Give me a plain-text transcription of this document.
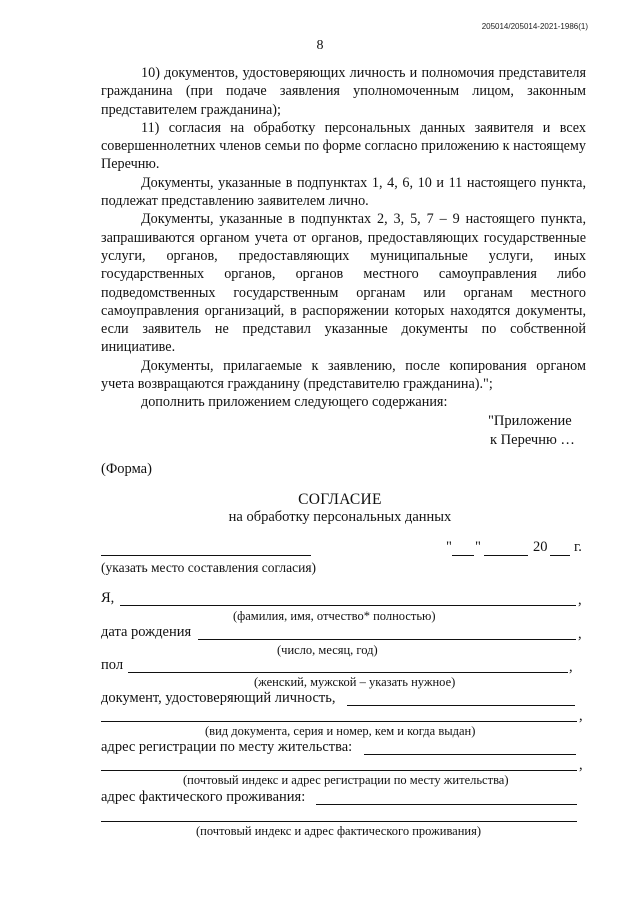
205014/205014-2021-1986(1)
8

10) документов, удостоверяющих личность и полномочия представителя гражданина (при подаче заявления уполномоченным лицом, законным представителем гражданина);

11) согласия на обработку персональных данных заявителя и всех совершеннолетних членов семьи по форме согласно приложению к настоящему Перечню.

Документы, указанные в подпунктах 1, 4, 6, 10 и 11 настоящего пункта, подлежат представлению заявителем лично.

Документы, указанные в подпунктах 2, 3, 5, 7 – 9 настоящего пункта, запрашиваются органом учета от органов, предоставляющих государственные услуги, органов, предоставляющих муниципальные услуги, иных государственных органов, органов местного самоуправления либо подведомственных государственным органам или органам местного самоуправления организаций, в распоряжении которых находятся документы, если заявитель не представил указанные документы по собственной инициативе.

Документы, прилагаемые к заявлению, после копирования органом учета возвращаются гражданину (представителю гражданина).";

дополнить приложением следующего содержания:

"Приложение
к Перечню …
(Форма)
СОГЛАСИЕ
на обработку персональных данных
" "	20 г.
(указать место составления согласия)
Я,	,
(фамилия, имя, отчество* полностью)
дата рождения	,
(число, месяц, год)
пол	,
(женский, мужской – указать нужное)
документ, удостоверяющий личность,
,
(вид документа, серия и номер, кем и когда выдан)
адрес регистрации по месту жительства:
,
(почтовый индекс и адрес регистрации по месту жительства)
адрес фактического проживания:
(почтовый индекс и адрес фактического проживания)
